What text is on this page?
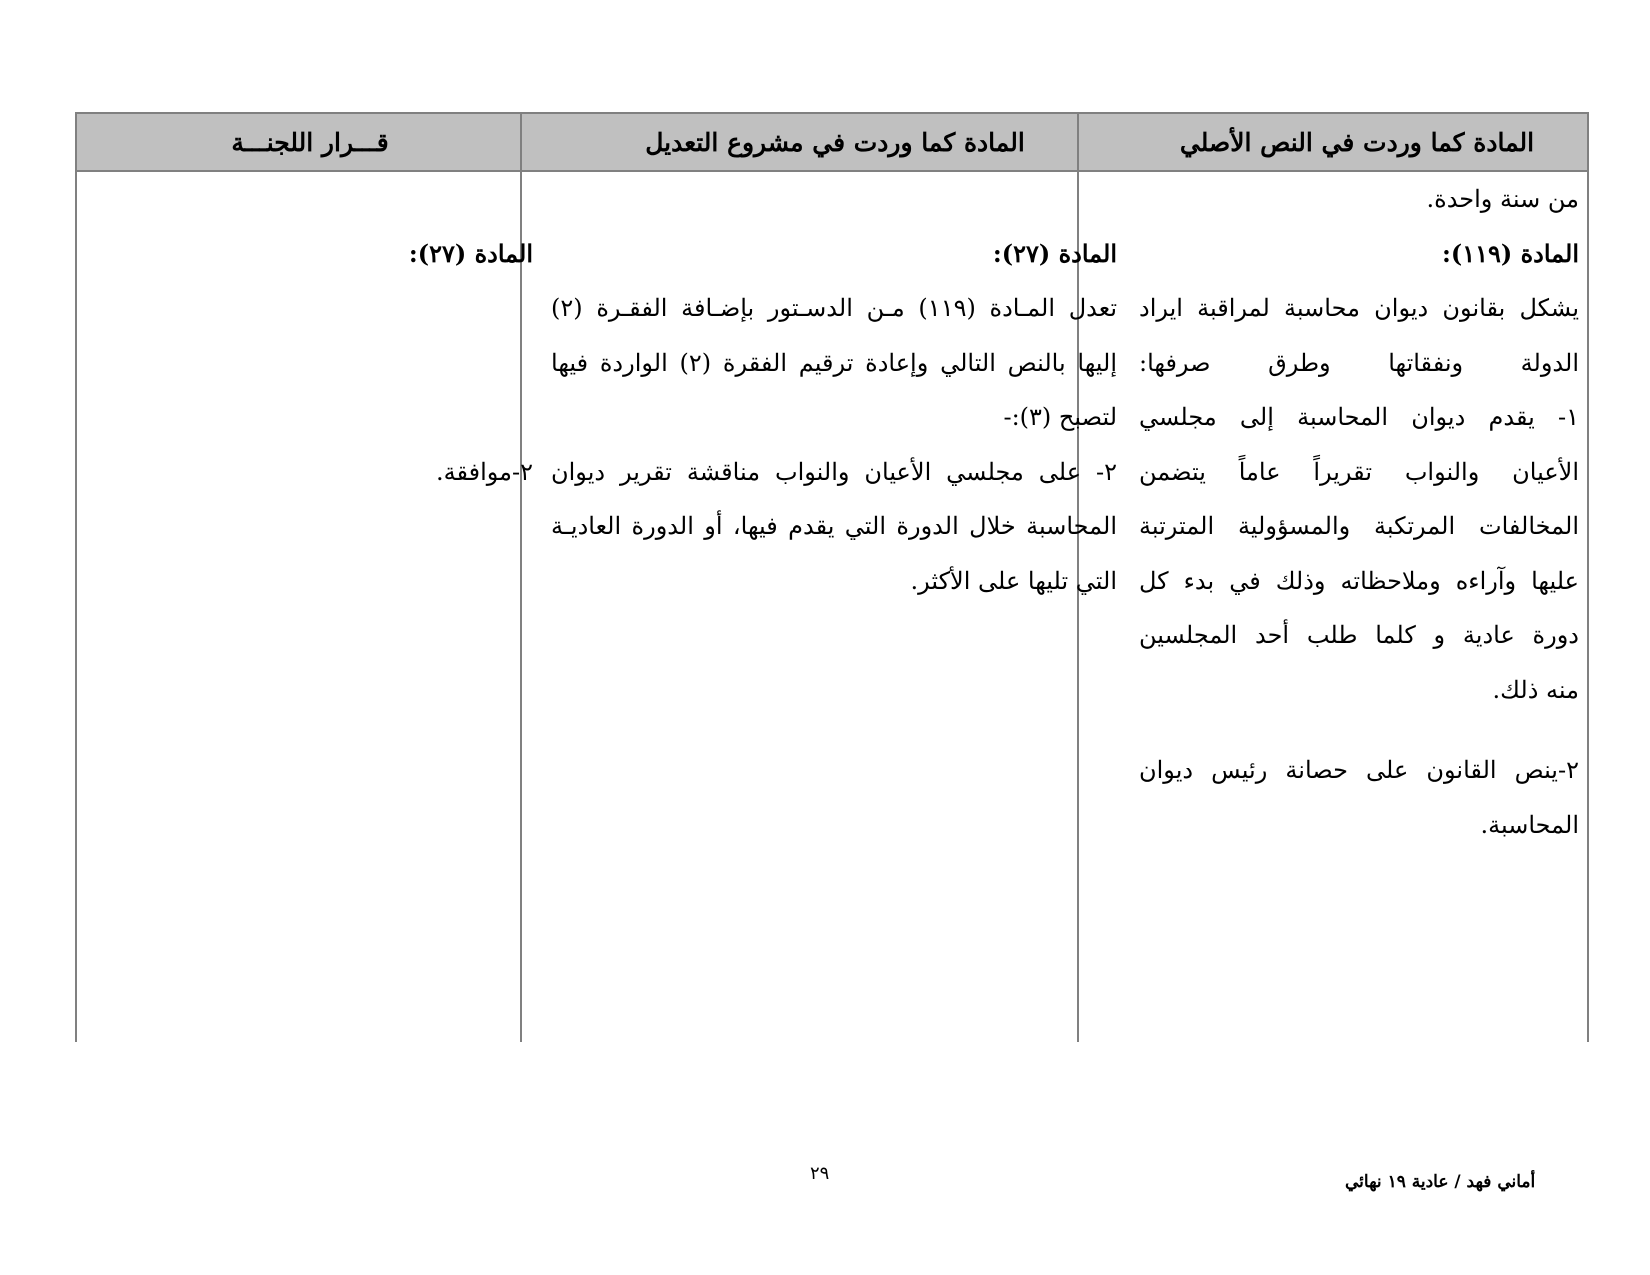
المادة كما وردت في النص الأصلي
المادة كما وردت في مشروع التعديل
قـــرار اللجنـــة
من سنة واحدة.
المادة (١١٩):
يشكل بقانون ديوان محاسبة لمراقبة ايراد
الدولة ونفقاتها وطرق صرفها:
١- يقدم ديوان المحاسبة إلى مجلسي
الأعيان والنواب تقريراً عاماً يتضمن
المخالفات المرتكبة والمسؤولية المترتبة
عليها وآراءه وملاحظاته وذلك في بدء كل
دورة عادية و كلما طلب أحد المجلسين
منه ذلك.
٢-ينص القانون على حصانة رئيس ديوان
المحاسبة.
المادة (٢٧):
تعدل المـادة (١١٩) مـن الدسـتور بإضـافة الفقـرة (٢)
إليها بالنص التالي وإعادة ترقيم الفقرة (٢) الواردة فيها
لتصبح (٣):-
٢- على مجلسي الأعيان والنواب مناقشة تقرير ديوان
المحاسبة خلال الدورة التي يقدم فيها، أو الدورة العاديـة
التي تليها على الأكثر.
المادة (٢٧):
٢-موافقة.
٢٩	أماني فهد / عادية ١٩ نهائي
